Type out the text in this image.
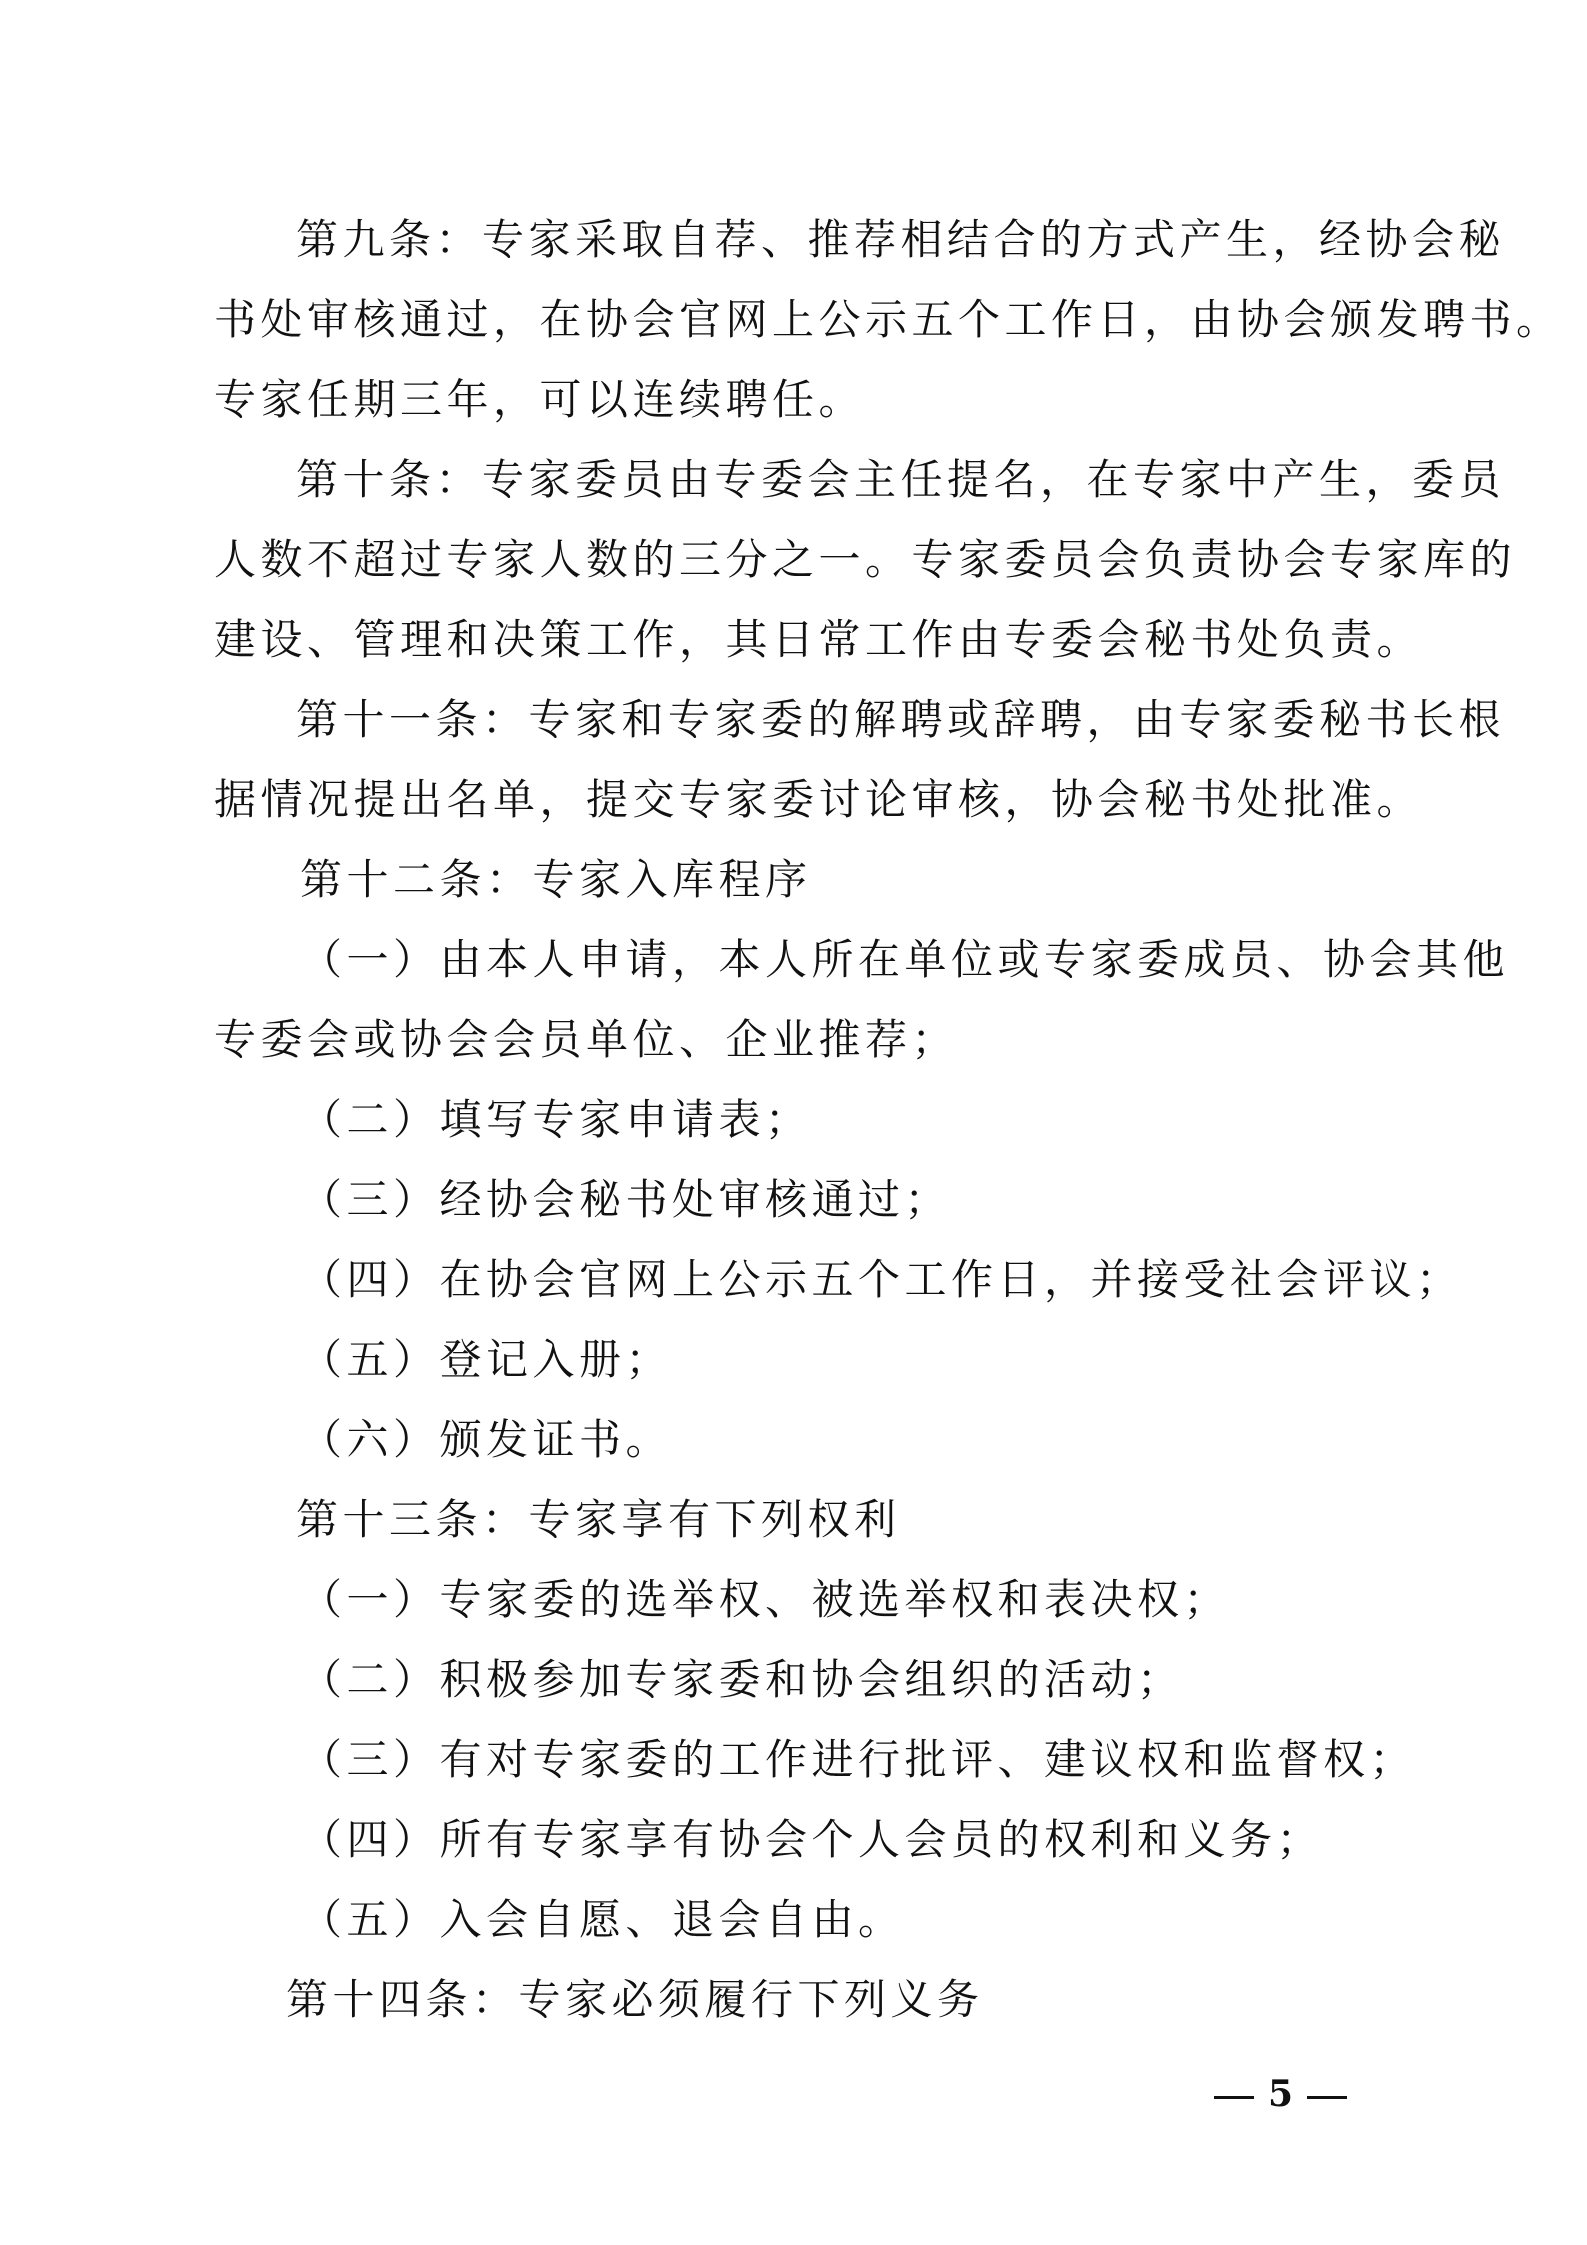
第九条：专家采取自荐、推荐相结合的方式产生，经协会秘
书处审核通过，在协会官网上公示五个工作日，由协会颁发聘书。
专家任期三年，可以连续聘任。
第十条：专家委员由专委会主任提名，在专家中产生，委员
人数不超过专家人数的三分之一。专家委员会负责协会专家库的
建设、管理和决策工作，其日常工作由专委会秘书处负责。
第十一条：专家和专家委的解聘或辞聘，由专家委秘书长根
据情况提出名单，提交专家委讨论审核，协会秘书处批准。
第十二条：专家入库程序
（一）由本人申请，本人所在单位或专家委成员、协会其他
专委会或协会会员单位、企业推荐；
（二）填写专家申请表；
（三）经协会秘书处审核通过；
（四）在协会官网上公示五个工作日，并接受社会评议；
（五）登记入册；
（六）颁发证书。
第十三条：专家享有下列权利
（一）专家委的选举权、被选举权和表决权；
（二）积极参加专家委和协会组织的活动；
（三）有对专家委的工作进行批评、建议权和监督权；
（四）所有专家享有协会个人会员的权利和义务；
（五）入会自愿、退会自由。
第十四条：专家必须履行下列义务
5
